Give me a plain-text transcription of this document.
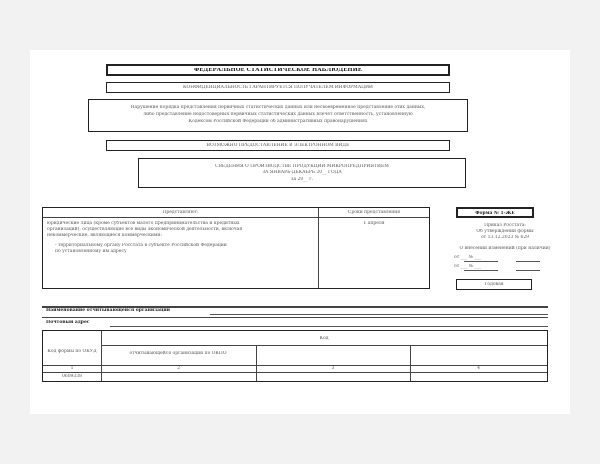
ФЕДЕРАЛЬНОЕ СТАТИСТИЧЕСКОЕ НАБЛЮДЕНИЕ
КОНФИДЕНЦИАЛЬНОСТЬ ГАРАНТИРУЕТСЯ ПОЛУЧАТЕЛЕМ ИНФОРМАЦИИ
Нарушение порядка представления первичных статистических данных или несвоевременное представление этих данных,
либо представление недостоверных первичных статистических данных влечет ответственность, установленную
Кодексом Российской Федерации об административных правонарушениях
ВОЗМОЖНО ПРЕДОСТАВЛЕНИЕ В ЭЛЕКТРОННОМ ВИДЕ
СВЕДЕНИЯ О ПРОИЗВОДСТВЕ ПРОДУКЦИИ МИКРОПРЕДПРИЯТИЕМ
ЗА ЯНВАРЬ-ДЕКАБРЬ 20__ ГОДА
за 20__ г.
Представляют:	Сроки представления
юридические лица (кроме субъектов малого предпринимательства и кредитных
организаций), осуществляющие все виды экономической деятельности, включая
некоммерческие, являющиеся коммерческими:
- территориальному органу Росстата в субъекте Российской Федерации
по установленному им адресу
1 апреля
Форма № 1-ЖЕ
Приказ Росстата:
Об утверждении формы
от 13.12.2023 № 629
О внесении изменений (при наличии)
от ___ № ___
от ___ № ___
Годовая
Наименование отчитывающейся организации
Почтовый адрес
Код
Код формы по ОКУД	отчитывающейся организации по ОКПО
1	2	3	4
0609338
